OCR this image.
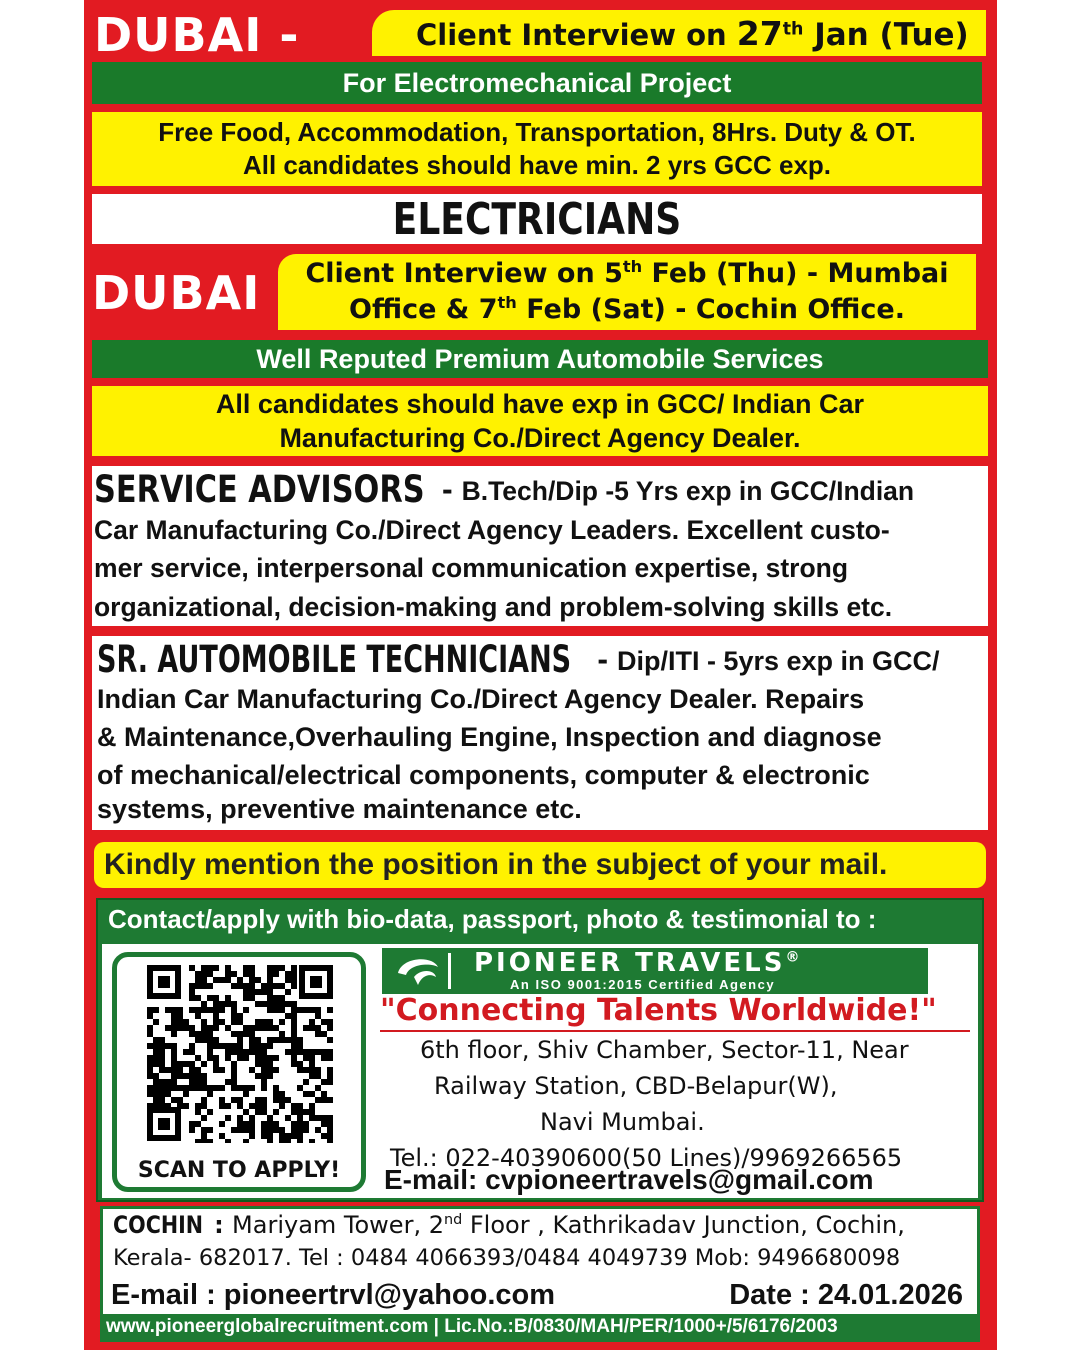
DUBAI -	Client Interview on 27th Jan (Tue)
For Electromechanical Project
Free Food, Accommodation, Transportation, 8Hrs. Duty & OT.
All candidates should have min. 2 yrs GCC exp.
ELECTRICIANS
DUBAI	Client Interview on 5th Feb (Thu) - Mumbai
Office & 7th Feb (Sat) - Cochin Office.
Well Reputed Premium Automobile Services
All candidates should have exp in GCC/ Indian Car
Manufacturing Co./Direct Agency Dealer.
SERVICE ADVISORS - B.Tech/Dip -5 Yrs exp in GCC/Indian
Car Manufacturing Co./Direct Agency Leaders. Excellent custo-
mer service, interpersonal communication expertise, strong
organizational, decision-making and problem-solving skills etc.
SR. AUTOMOBILE TECHNICIANS - Dip/ITI - 5yrs exp in GCC/
Indian Car Manufacturing Co./Direct Agency Dealer. Repairs
& Maintenance,Overhauling Engine, Inspection and diagnose
of mechanical/electrical components, computer & electronic
systems, preventive maintenance etc.
Kindly mention the position in the subject of your mail.
Contact/apply with bio-data, passport, photo & testimonial to :
SCAN TO APPLY!
PIONEER TRAVELS®
An ISO 9001:2015 Certified Agency
"Connecting Talents Worldwide!"
6th floor, Shiv Chamber, Sector-11, Near
Railway Station, CBD-Belapur(W),
Navi Mumbai.
Tel.: 022-40390600(50 Lines)/9969266565
E-mail: cvpioneertravels@gmail.com
COCHIN : Mariyam Tower, 2nd Floor , Kathrikadav Junction, Cochin,
Kerala- 682017. Tel : 0484 4066393/0484 4049739 Mob: 9496680098
E-mail : pioneertrvl@yahoo.com	Date : 24.01.2026
www.pioneerglobalrecruitment.com | Lic.No.:B/0830/MAH/PER/1000+/5/6176/2003
